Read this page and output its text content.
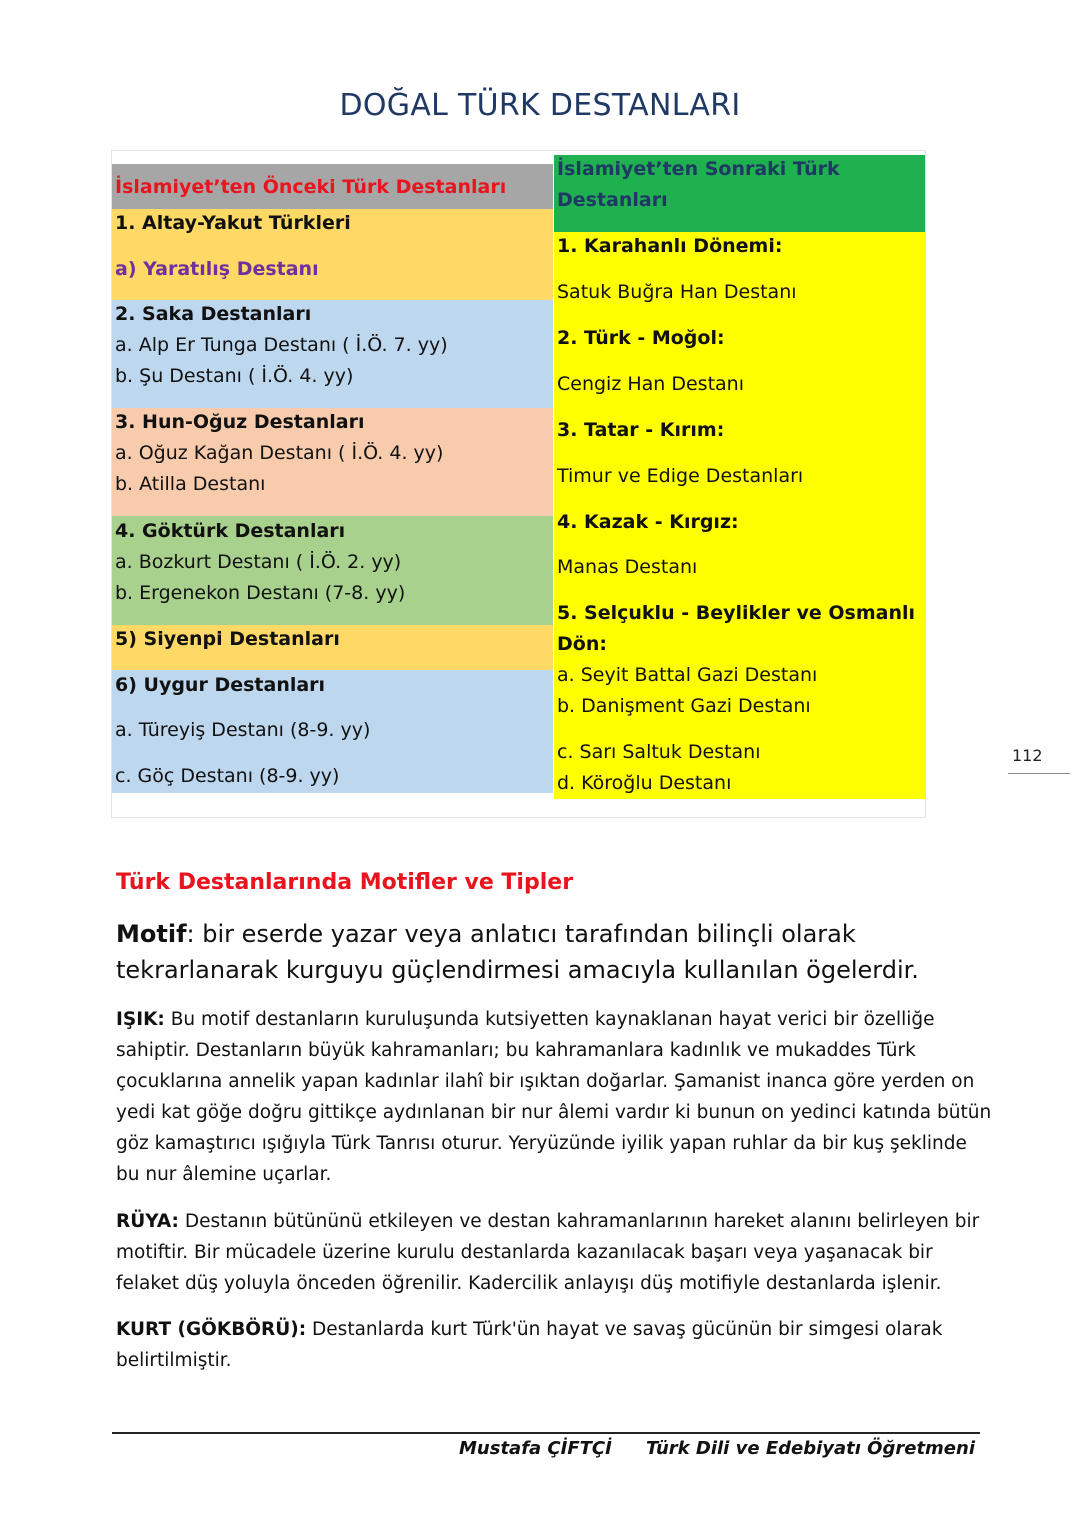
DOĞAL TÜRK DESTANLARI
İslamiyet’ten Önceki Türk Destanları
1. Altay-Yakut Türkleri
a) Yaratılış Destanı
2. Saka Destanları
a. Alp Er Tunga Destanı ( İ.Ö. 7. yy)
b. Şu Destanı ( İ.Ö. 4. yy)
3. Hun-Oğuz Destanları
a. Oğuz Kağan Destanı ( İ.Ö. 4. yy)
b. Atilla Destanı
4. Göktürk Destanları
a. Bozkurt Destanı ( İ.Ö. 2. yy)
b. Ergenekon Destanı (7-8. yy)
5) Siyenpi Destanları
6) Uygur Destanları
a. Türeyiş Destanı (8-9. yy)
c. Göç Destanı (8-9. yy)
İslamiyet’ten Sonraki Türk
Destanları
1. Karahanlı Dönemi:
Satuk Buğra Han Destanı
2. Türk - Moğol:
Cengiz Han Destanı
3. Tatar - Kırım:
Timur ve Edige Destanları
4. Kazak - Kırgız:
Manas Destanı
5. Selçuklu - Beylikler ve Osmanlı
Dön:
a. Seyit Battal Gazi Destanı
b. Danişment Gazi Destanı
c. Sarı Saltuk Destanı
d. Köroğlu Destanı
112
Türk Destanlarında Motifler ve Tipler
Motif: bir eserde yazar veya anlatıcı tarafından bilinçli olarak tekrarlanarak kurguyu güçlendirmesi amacıyla kullanılan ögelerdir.
IŞIK: Bu motif destanların kuruluşunda kutsiyetten kaynaklanan hayat verici bir özelliğe sahiptir. Destanların büyük kahramanları; bu kahramanlara kadınlık ve mukaddes Türk çocuklarına annelik yapan kadınlar ilahî bir ışıktan doğarlar. Şamanist inanca göre yerden on yedi kat göğe doğru gittikçe aydınlanan bir nur âlemi vardır ki bunun on yedinci katında bütün göz kamaştırıcı ışığıyla Türk Tanrısı oturur. Yeryüzünde iyilik yapan ruhlar da bir kuş şeklinde bu nur âlemine uçarlar.
RÜYA: Destanın bütününü etkileyen ve destan kahramanlarının hareket alanını belirleyen bir motiftir. Bir mücadele üzerine kurulu destanlarda kazanılacak başarı veya yaşanacak bir felaket düş yoluyla önceden öğrenilir. Kadercilik anlayışı düş motifiyle destanlarda işlenir.
KURT (GÖKBÖRÜ): Destanlarda kurt Türk'ün hayat ve savaş gücünün bir simgesi olarak belirtilmiştir.
Mustafa ÇİFTÇİ Türk Dili ve Edebiyatı Öğretmeni
